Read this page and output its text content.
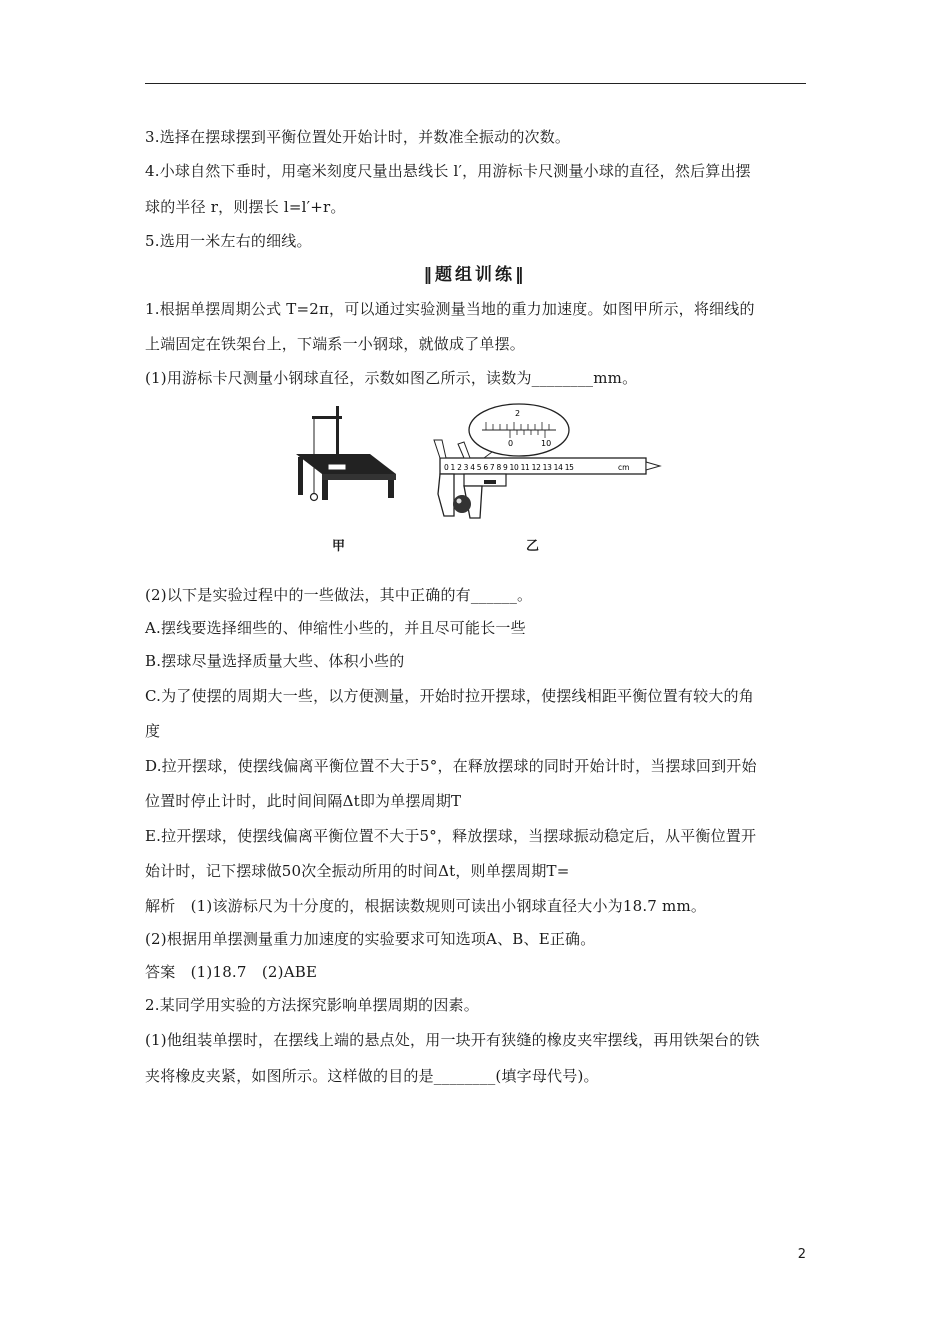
3.选择在摆球摆到平衡位置处开始计时，并数准全振动的次数。
4.小球自然下垂时，用毫米刻度尺量出悬线长 l′，用游标卡尺测量小球的直径，然后算出摆
球的半径 r，则摆长 l=l′+r。
5.选用一米左右的细线。
‖题组训练‖
1.根据单摆周期公式 T=2π，可以通过实验测量当地的重力加速度。如图甲所示，将细线的
上端固定在铁架台上，下端系一小钢球，就做成了单摆。
(1)用游标卡尺测量小钢球直径，示数如图乙所示，读数为________mm。
甲
2
0	10
0 1 2 3 4 5 6 7 8 9 10 11 12 13 14 15	cm
乙
(2)以下是实验过程中的一些做法，其中正确的有______。
A.摆线要选择细些的、伸缩性小些的，并且尽可能长一些
B.摆球尽量选择质量大些、体积小些的
C.为了使摆的周期大一些，以方便测量，开始时拉开摆球，使摆线相距平衡位置有较大的角
度
D.拉开摆球，使摆线偏离平衡位置不大于5°，在释放摆球的同时开始计时，当摆球回到开始
位置时停止计时，此时间间隔Δt即为单摆周期T
E.拉开摆球，使摆线偏离平衡位置不大于5°，释放摆球，当摆球振动稳定后，从平衡位置开
始计时，记下摆球做50次全振动所用的时间Δt，则单摆周期T=
解析　(1)该游标尺为十分度的，根据读数规则可读出小钢球直径大小为18.7 mm。
(2)根据用单摆测量重力加速度的实验要求可知选项A、B、E正确。
答案　(1)18.7　(2)ABE
2.某同学用实验的方法探究影响单摆周期的因素。
(1)他组装单摆时，在摆线上端的悬点处，用一块开有狭缝的橡皮夹牢摆线，再用铁架台的铁
夹将橡皮夹紧，如图所示。这样做的目的是________(填字母代号)。
2
